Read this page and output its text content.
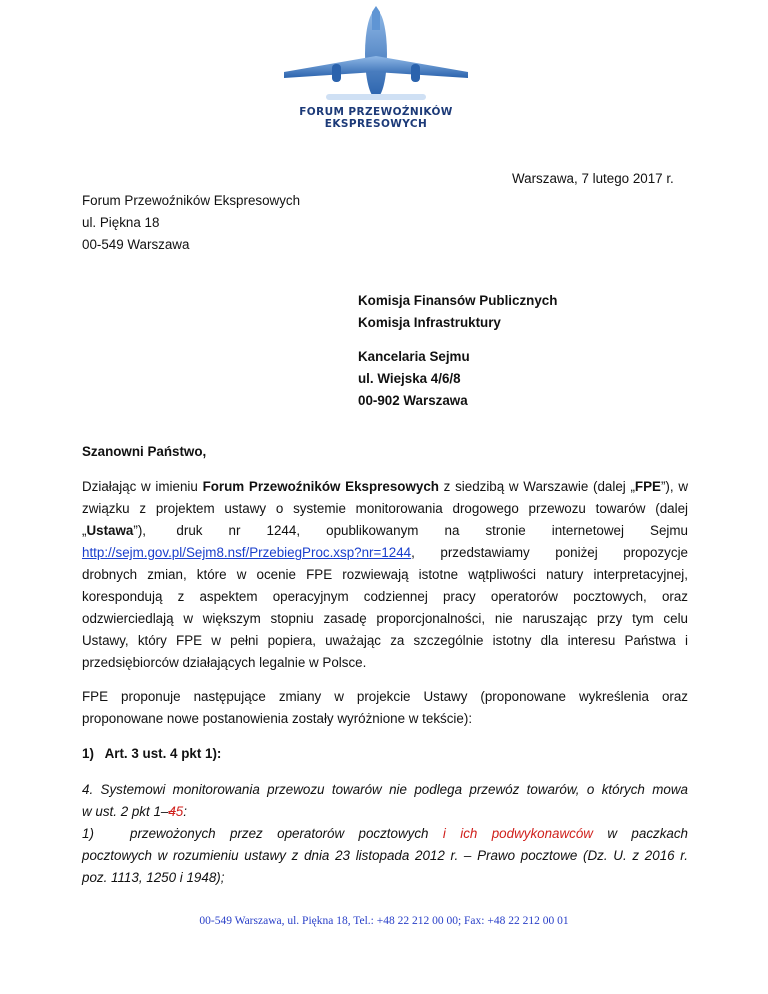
FORUM PRZEWOŹNIKÓW EKSPRESOWYCH
Warszawa, 7 lutego 2017 r.
Forum Przewoźników Ekspresowych
ul. Piękna 18
00-549 Warszawa
Komisja Finansów Publicznych
Komisja Infrastruktury
Kancelaria Sejmu
ul. Wiejska 4/6/8
00-902 Warszawa
Szanowni Państwo,
Działając w imieniu Forum Przewoźników Ekspresowych z siedzibą w Warszawie (dalej „FPE”), w
związku z projektem ustawy o systemie monitorowania drogowego przewozu towarów (dalej
„Ustawa”),       druk      nr      1244,      opublikowanym      na      stronie      internetowej      Sejmu
http://sejm.gov.pl/Sejm8.nsf/PrzebiegProc.xsp?nr=1244, przedstawiamy poniżej propozycje
drobnych zmian, które w ocenie FPE rozwiewają istotne wątpliwości natury interpretacyjnej,
korespondują z aspektem operacyjnym codziennej pracy operatorów pocztowych, oraz
odzwierciedlają w większym stopniu zasadę proporcjonalności, nie naruszając przy tym celu
Ustawy, który FPE w pełni popiera, uważając za szczególnie istotny dla interesu Państwa i
przedsiębiorców działających legalnie w Polsce.
FPE proponuje następujące zmiany w projekcie Ustawy (proponowane wykreślenia oraz
proponowane nowe postanowienia zostały wyróżnione w tekście):
1)   Art. 3 ust. 4 pkt 1):
4. Systemowi monitorowania przewozu towarów nie podlega przewóz towarów, o których mowa
w ust. 2 pkt 1–45:
1)	przewożonych przez operatorów pocztowych i ich podwykonawców w paczkach
pocztowych w rozumieniu ustawy z dnia 23 listopada 2012 r. – Prawo pocztowe (Dz. U. z 2016 r.
poz. 1113, 1250 i 1948);
00-549 Warszawa, ul. Piękna 18, Tel.: +48 22 212 00 00; Fax: +48 22 212 00 01
